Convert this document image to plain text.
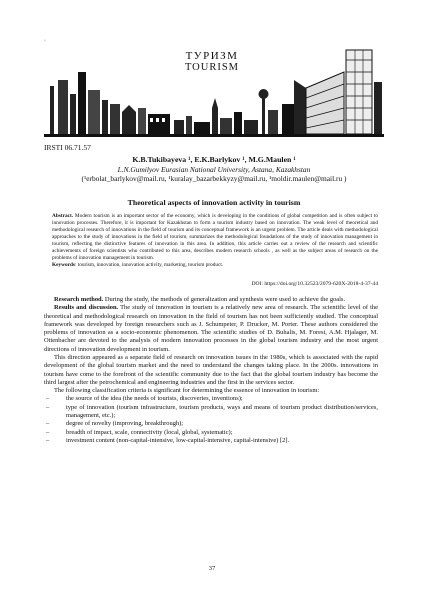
·
ТУРИЗМ
TOURISM
IRSTI 06.71.57
K.B.Tukibayeva ¹, E.K.Barlykov ¹, M.G.Maulen ¹
L.N.Gumilyov Eurasian National University, Astana, Kazakhstan
(¹erbolat_barlykov@mail.ru, ¹kuralay_bazarbekkyzy@mail.ru, ¹moldir.maulen@mail.ru )
Theoretical aspects of innovation activity in tourism
Abstract. Modern tourism is an important sector of the economy, which is developing in the conditions of global competition and is often subject to innovation processes. Therefore, it is important for Kazakhstan to form a tourism industry based on innovation. The weak level of theoretical and methodological research of innovations in the field of tourism and its conceptual framework is an urgent problem. The article deals with methodological approaches to the study of innovations in the field of tourism, summarizes the methodological foundations of the study of innovation management in tourism, reflecting the distinctive features of innovation in this area. In addition, this article carries out a review of the research and scientific achievements of foreign scientists who contributed to this area, describes modern research schools , as well as the subject areas of research on the problems of innovation management in tourism.
Keywords: tourism, innovation, innovation activity, marketing, tourism product.
DOI: https://doi.org/10.32523/2079-620X-2018-4-37-44

Research method. During the study, the methods of generalization and synthesis were used to achieve the goals.

Results and discussion. The study of innovation in tourism is a relatively new area of research. The scientific level of the theoretical and methodological research on innovation in the field of tourism has not been sufficiently studied. The conceptual framework was developed by foreign researchers such as J. Schumpeter, P. Drucker, M. Porter. These authors considered the problems of innovation as a socio-economic phenomenon. The scientific studies of D. Buhalis, M. Forest, A.M. Hjalager, M. Ottenbacher are devoted to the analysis of modern innovation processes in the global tourism industry and the most urgent directions of innovation development in tourism.

This direction appeared as a separate field of research on innovation issues in the 1980s, which is associated with the rapid development of the global tourism market and the need to understand the changes taking place. In the 2000s. innovations in tourism have come to the forefront of the scientific community due to the fact that the global tourism industry has become the third largest after the petrochemical and engineering industries and the first in the services sector.

The following classification criteria is significant for determining the essence of innovation in tourism:

–	the source of the idea (the needs of tourists, discoveries, inventions);
–	type of innovation (tourism infrastructure, tourism products, ways and means of tourism product distribution/services, management, etc.);
–	degree of novelty (improving, breakthrough);
–	breadth of impact, scale, connectivity (local, global, systematic);
–	investment content (non-capital-intensive, low-capital-intensive, capital-intensive) [2].
37
